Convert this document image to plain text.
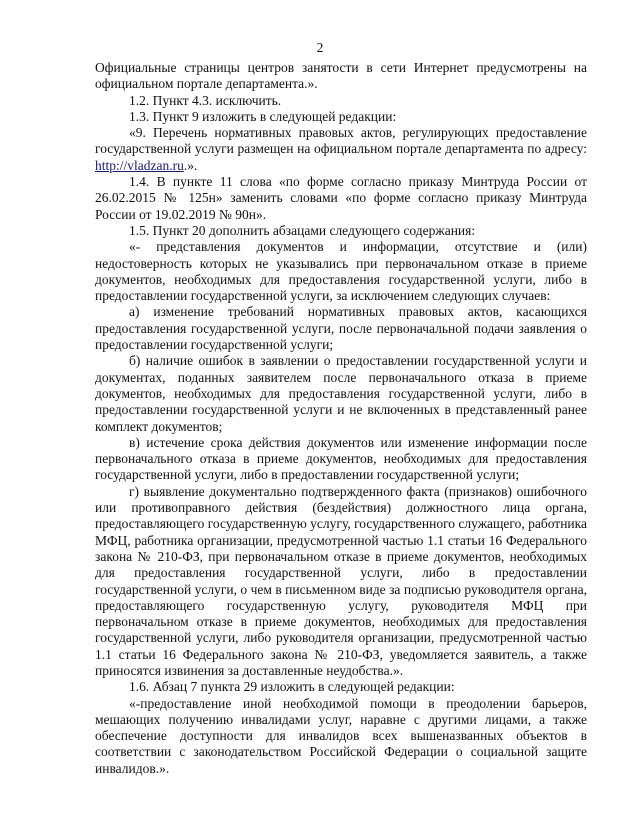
2

Официальные страницы центров занятости в сети Интернет предусмотрены на официальном портале департамента.».

1.2. Пункт 4.3. исключить.

1.3. Пункт 9 изложить в следующей редакции:

«9. Перечень нормативных правовых актов, регулирующих предоставление государственной услуги размещен на официальном портале департамента по адресу: http://vladzan.ru.».

1.4. В пункте 11 слова «по форме согласно приказу Минтруда России от 26.02.2015 № 125н» заменить словами «по форме согласно приказу Минтруда России от 19.02.2019 № 90н».

1.5. Пункт 20 дополнить абзацами следующего содержания:

«- представления документов и информации, отсутствие и (или) недостоверность которых не указывались при первоначальном отказе в приеме документов, необходимых для предоставления государственной услуги, либо в предоставлении государственной услуги, за исключением следующих случаев:

а) изменение требований нормативных правовых актов, касающихся предоставления государственной услуги, после первоначальной подачи заявления о предоставлении государственной услуги;

б) наличие ошибок в заявлении о предоставлении государственной услуги и документах, поданных заявителем после первоначального отказа в приеме документов, необходимых для предоставления государственной услуги, либо в предоставлении государственной услуги и не включенных в представленный ранее комплект документов;

в) истечение срока действия документов или изменение информации после первоначального отказа в приеме документов, необходимых для предоставления государственной услуги, либо в предоставлении государственной услуги;

г) выявление документально подтвержденного факта (признаков) ошибочного или противоправного действия (бездействия) должностного лица органа, предоставляющего государственную услугу, государственного служащего, работника МФЦ, работника организации, предусмотренной частью 1.1 статьи 16 Федерального закона № 210-ФЗ, при первоначальном отказе в приеме документов, необходимых для предоставления государственной услуги, либо в предоставлении государственной услуги, о чем в письменном виде за подписью руководителя органа, предоставляющего государственную услугу, руководителя МФЦ при первоначальном отказе в приеме документов, необходимых для предоставления государственной услуги, либо руководителя организации, предусмотренной частью 1.1 статьи 16 Федерального закона № 210-ФЗ, уведомляется заявитель, а также приносятся извинения за доставленные неудобства.».

1.6. Абзац 7 пункта 29 изложить в следующей редакции:

«-предоставление иной необходимой помощи в преодолении барьеров, мешающих получению инвалидами услуг, наравне с другими лицами, а также обеспечение доступности для инвалидов всех вышеназванных объектов в соответствии с законодательством Российской Федерации о социальной защите инвалидов.».
